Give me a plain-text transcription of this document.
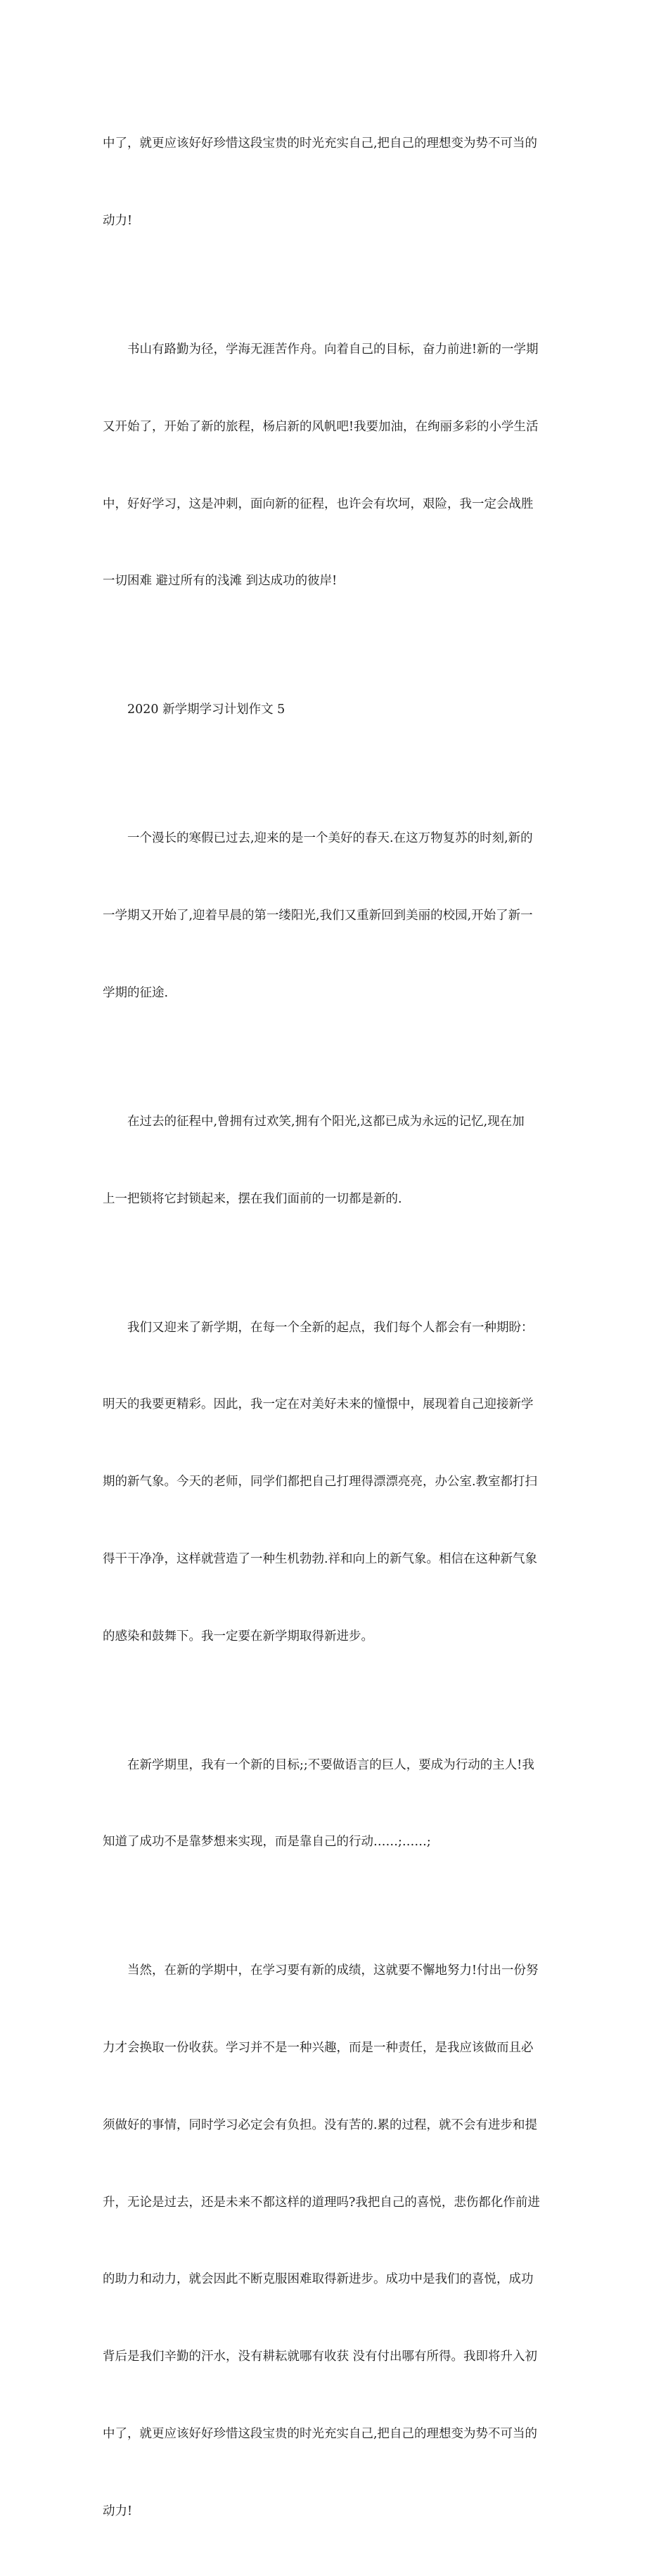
中了，就更应该好好珍惜这段宝贵的时光充实自己,把自己的理想变为势不可当的

动力!

书山有路勤为径，学海无涯苦作舟。向着自己的目标，奋力前进!新的一学期

又开始了，开始了新的旅程，杨启新的风帆吧!我要加油，在绚丽多彩的小学生活

中，好好学习，这是冲刺，面向新的征程，也许会有坎坷，艰险，我一定会战胜

一切困难 避过所有的浅滩 到达成功的彼岸!

2020 新学期学习计划作文 5

一个漫长的寒假已过去,迎来的是一个美好的春天.在这万物复苏的时刻,新的

一学期又开始了,迎着早晨的第一缕阳光,我们又重新回到美丽的校园,开始了新一

学期的征途.

在过去的征程中,曾拥有过欢笑,拥有个阳光,这都已成为永远的记忆,现在加

上一把锁将它封锁起来，摆在我们面前的一切都是新的.

我们又迎来了新学期，在每一个全新的起点，我们每个人都会有一种期盼：

明天的我要更精彩。因此，我一定在对美好未来的憧憬中，展现着自己迎接新学

期的新气象。今天的老师，同学们都把自己打理得漂漂亮亮，办公室.教室都打扫

得干干净净，这样就营造了一种生机勃勃.祥和向上的新气象。相信在这种新气象

的感染和鼓舞下。我一定要在新学期取得新进步。

在新学期里，我有一个新的目标;;不要做语言的巨人，要成为行动的主人!我

知道了成功不是靠梦想来实现，而是靠自己的行动……;……;

当然，在新的学期中，在学习要有新的成绩，这就要不懈地努力!付出一份努

力才会换取一份收获。学习并不是一种兴趣，而是一种责任，是我应该做而且必

须做好的事情，同时学习必定会有负担。没有苦的.累的过程，就不会有进步和提

升，无论是过去，还是未来不都这样的道理吗?我把自己的喜悦，悲伤都化作前进

的助力和动力，就会因此不断克服困难取得新进步。成功中是我们的喜悦，成功

背后是我们辛勤的汗水，没有耕耘就哪有收获 没有付出哪有所得。我即将升入初

中了，就更应该好好珍惜这段宝贵的时光充实自己,把自己的理想变为势不可当的

动力!
